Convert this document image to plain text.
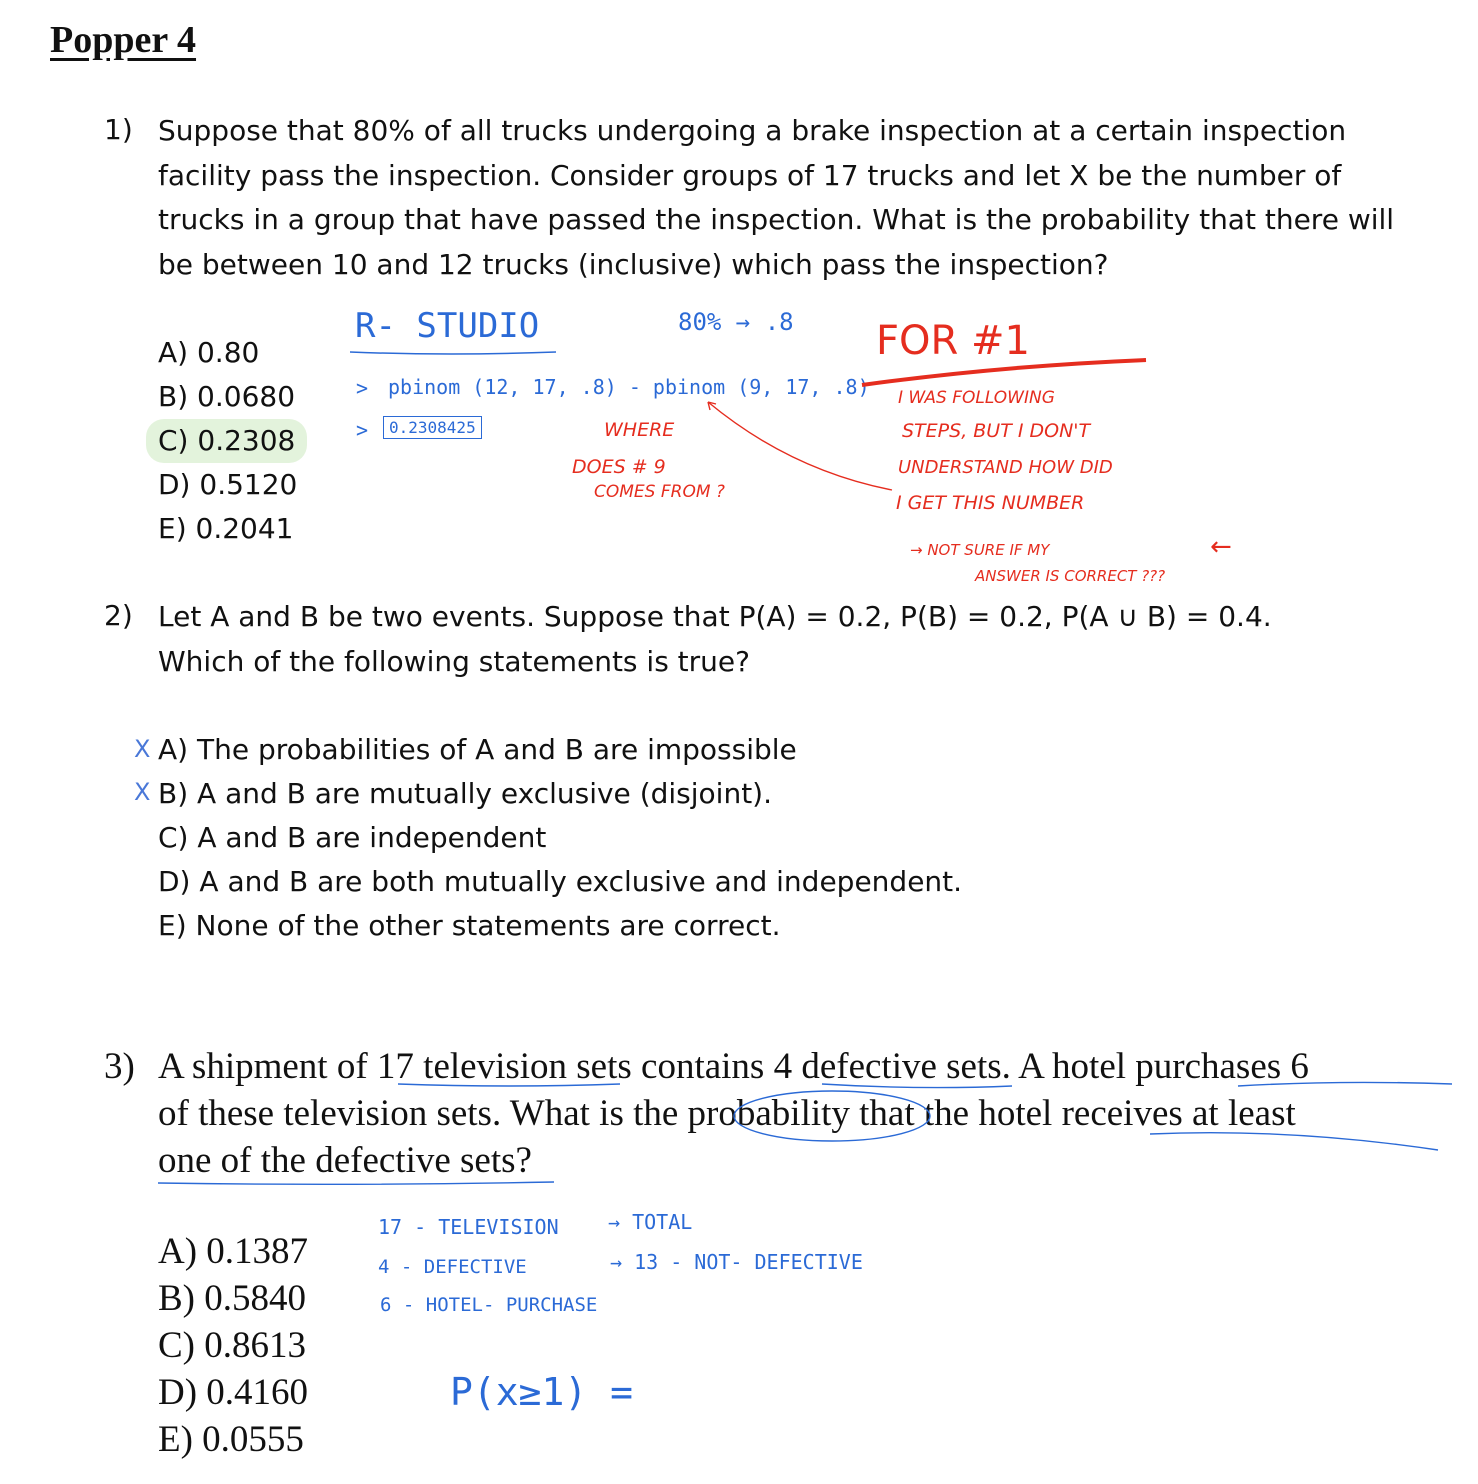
Popper 4
1) Suppose that 80% of all trucks undergoing a brake inspection at a certain inspection
facility pass the inspection. Consider groups of 17 trucks and let X be the number of
trucks in a group that have passed the inspection. What is the probability that there will
be between 10 and 12 trucks (inclusive) which pass the inspection?
A) 0.80
B) 0.0680
C) 0.2308
D) 0.5120
E) 0.2041
R- STUDIO	80% → .8
> pbinom (12, 17, .8) - pbinom (9, 17, .8)
>	0.2308425	WHERE
DOES # 9
COMES FROM ?
FOR #1
I WAS FOLLOWING
STEPS, BUT I DON'T
UNDERSTAND HOW DID
I GET THIS NUMBER
→ NOT SURE IF MY
ANSWER IS CORRECT ???
←
2) Let A and B be two events. Suppose that P(A) = 0.2, P(B) = 0.2, P(A ∪ B) = 0.4.
Which of the following statements is true?
X
X
A) The probabilities of A and B are impossible
B) A and B are mutually exclusive (disjoint).
C) A and B are independent
D) A and B are both mutually exclusive and independent.
E) None of the other statements are correct.
3) A shipment of 17 television sets contains 4 defective sets. A hotel purchases 6
of these television sets. What is the probability that the hotel receives at least
one of the defective sets?
A) 0.1387
B) 0.5840
C) 0.8613
D) 0.4160
E) 0.0555
17 - TELEVISION → TOTAL
4 - DEFECTIVE	→ 13 - NOT- DEFECTIVE
6 - HOTEL- PURCHASE
P(x≥1) =
